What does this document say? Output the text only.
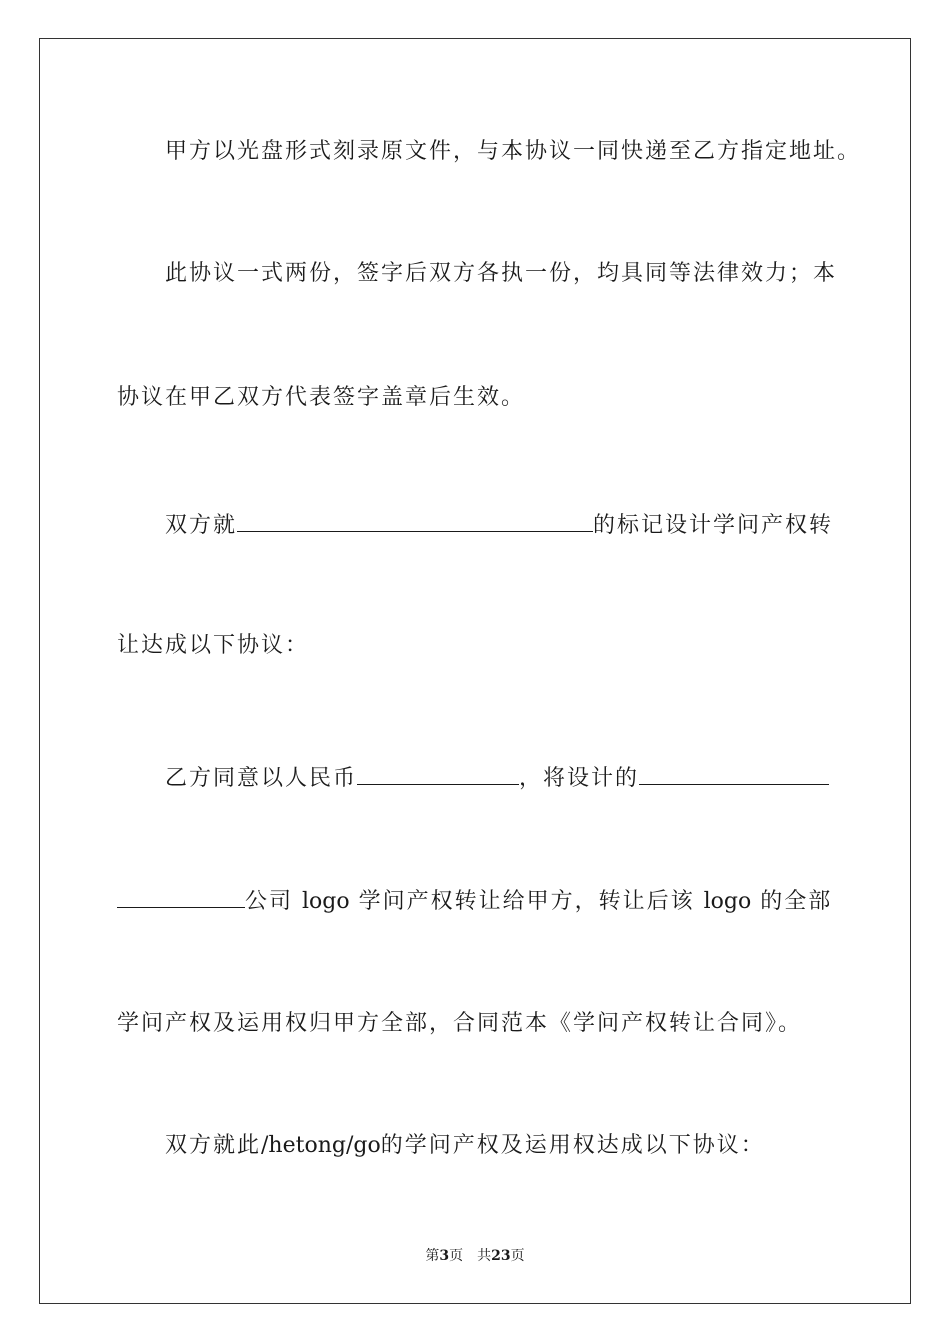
甲方以光盘形式刻录原文件，与本协议一同快递至乙方指定地址。
此协议一式两份，签字后双方各执一份，均具同等法律效力；本
协议在甲乙双方代表签字盖章后生效。
双方就	的标记设计学问产权转
让达成以下协议：
乙方同意以人民币	，将设计的
公司 logo 学问产权转让给甲方，转让后该 logo 的全部
学问产权及运用权归甲方全部，合同范本《学问产权转让合同》。
双方就此/hetong/go的学问产权及运用权达成以下协议：
第3页 共23页
